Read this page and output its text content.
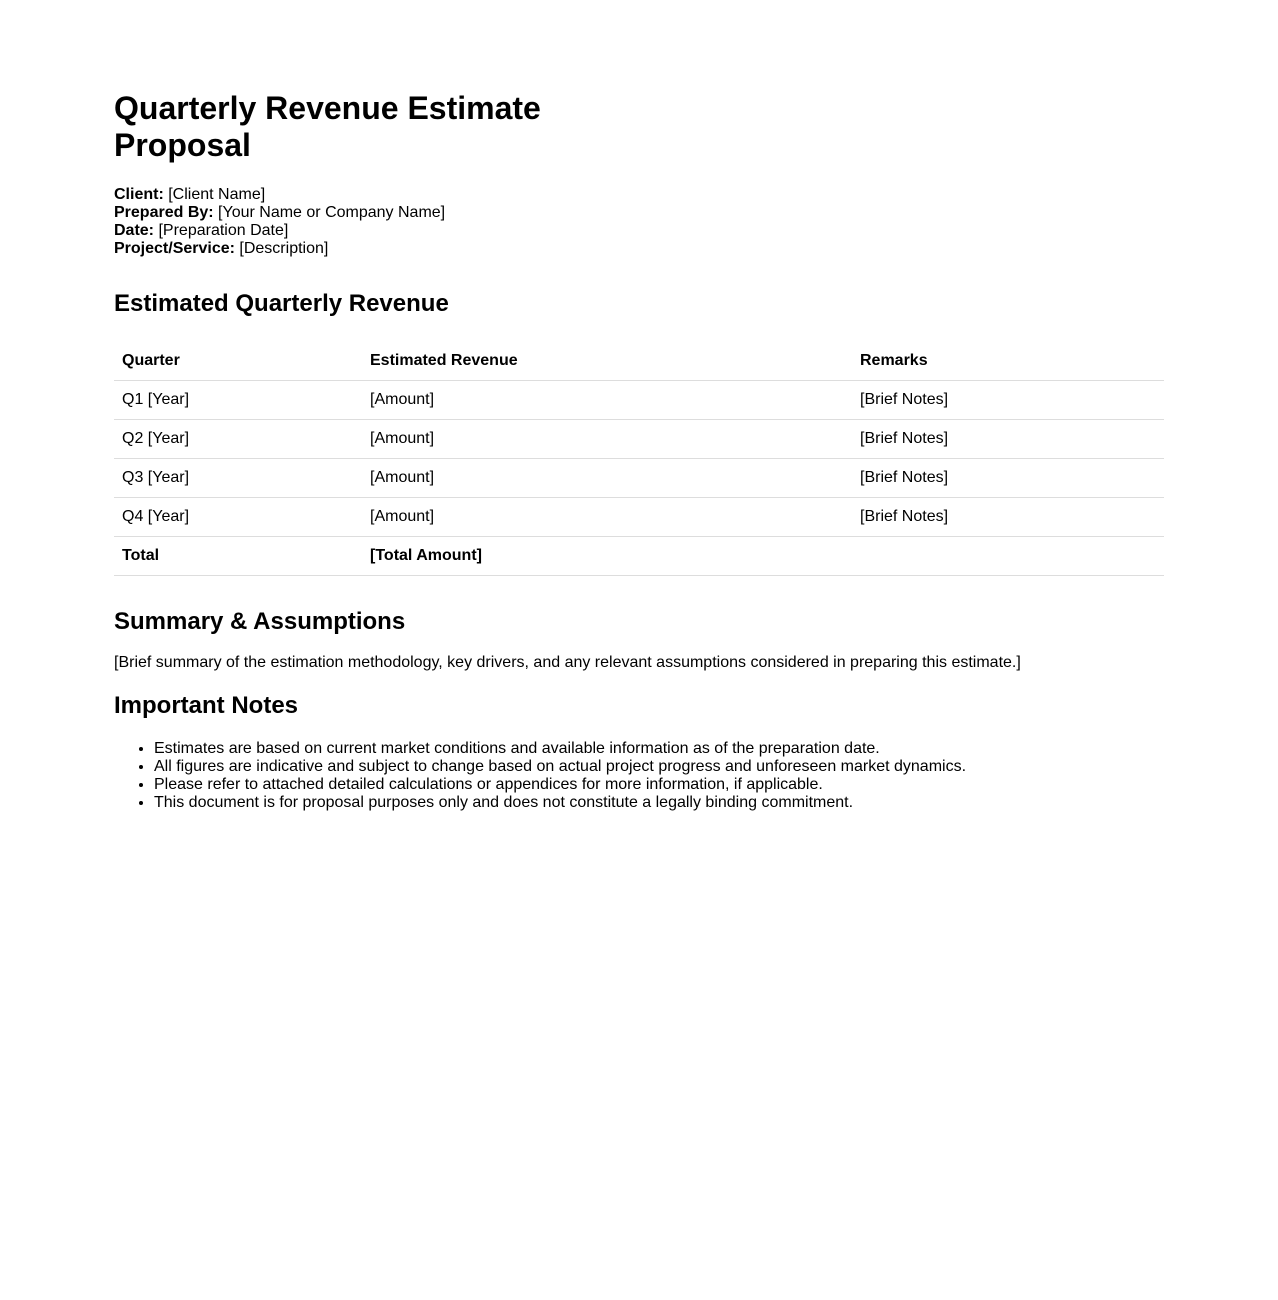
Quarterly Revenue Estimate Proposal
Client: [Client Name]
Prepared By: [Your Name or Company Name]
Date: [Preparation Date]
Project/Service: [Description]
Estimated Quarterly Revenue
Quarter	Estimated Revenue	Remarks
Q1 [Year]	[Amount]	[Brief Notes]
Q2 [Year]	[Amount]	[Brief Notes]
Q3 [Year]	[Amount]	[Brief Notes]
Q4 [Year]	[Amount]	[Brief Notes]
Total	[Total Amount]	
Summary & Assumptions

[Brief summary of the estimation methodology, key drivers, and any relevant assumptions considered in preparing this estimate.]

Important Notes
• Estimates are based on current market conditions and available information as of the preparation date.
• All figures are indicative and subject to change based on actual project progress and unforeseen market dynamics.
• Please refer to attached detailed calculations or appendices for more information, if applicable.
• This document is for proposal purposes only and does not constitute a legally binding commitment.
